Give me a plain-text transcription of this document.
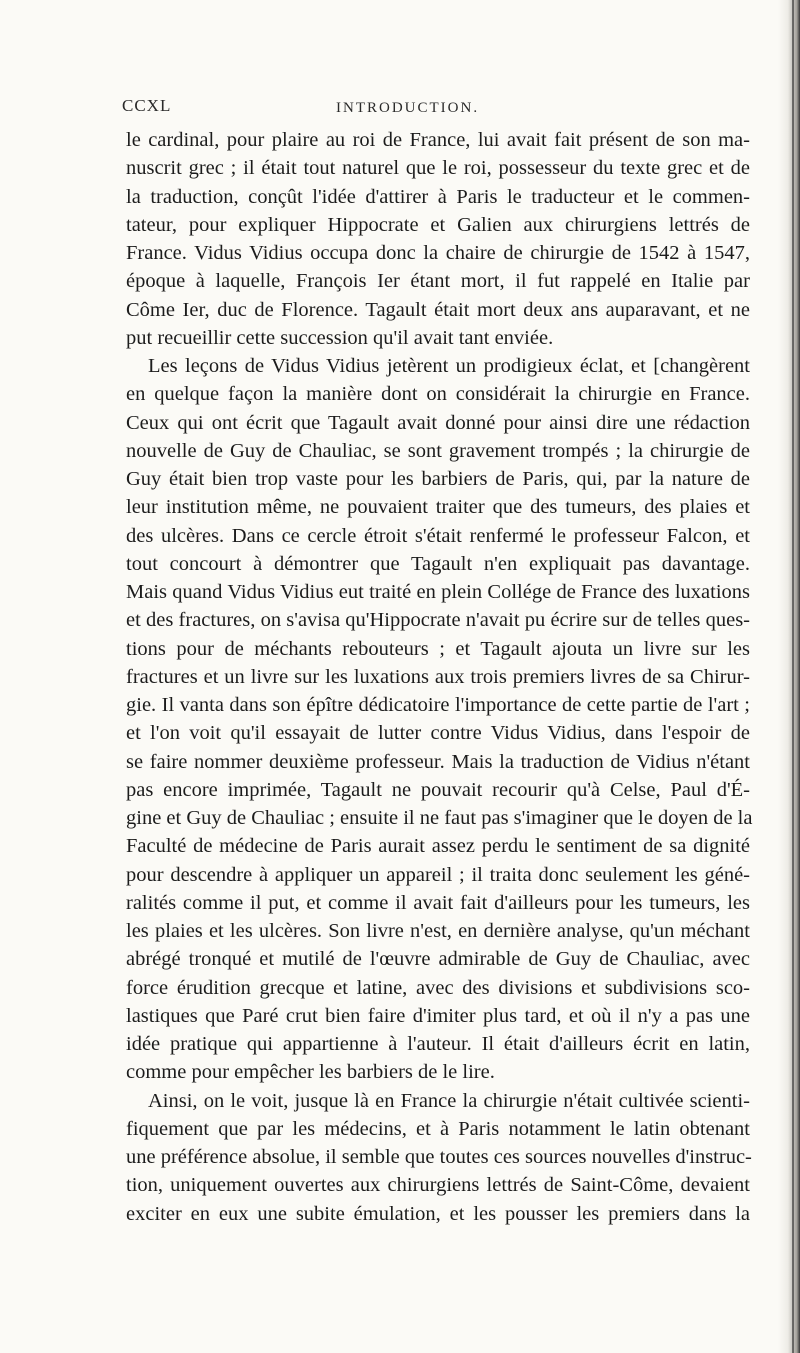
CCXL	INTRODUCTION.
le cardinal, pour plaire au roi de France, lui avait fait présent de son ma-
nuscrit grec ; il était tout naturel que le roi, possesseur du texte grec et de
la traduction, conçût l'idée d'attirer à Paris le traducteur et le commen-
tateur, pour expliquer Hippocrate et Galien aux chirurgiens lettrés de
France. Vidus Vidius occupa donc la chaire de chirurgie de 1542 à 1547,
époque à laquelle, François Ier étant mort, il fut rappelé en Italie par
Côme Ier, duc de Florence. Tagault était mort deux ans auparavant, et ne
put recueillir cette succession qu'il avait tant enviée.
Les leçons de Vidus Vidius jetèrent un prodigieux éclat, et [changèrent
en quelque façon la manière dont on considérait la chirurgie en France.
Ceux qui ont écrit que Tagault avait donné pour ainsi dire une rédaction
nouvelle de Guy de Chauliac, se sont gravement trompés ; la chirurgie de
Guy était bien trop vaste pour les barbiers de Paris, qui, par la nature de
leur institution même, ne pouvaient traiter que des tumeurs, des plaies et
des ulcères. Dans ce cercle étroit s'était renfermé le professeur Falcon, et
tout concourt à démontrer que Tagault n'en expliquait pas davantage.
Mais quand Vidus Vidius eut traité en plein Collége de France des luxations
et des fractures, on s'avisa qu'Hippocrate n'avait pu écrire sur de telles ques-
tions pour de méchants rebouteurs ; et Tagault ajouta un livre sur les
fractures et un livre sur les luxations aux trois premiers livres de sa Chirur-
gie. Il vanta dans son épître dédicatoire l'importance de cette partie de l'art ;
et l'on voit qu'il essayait de lutter contre Vidus Vidius, dans l'espoir de
se faire nommer deuxième professeur. Mais la traduction de Vidius n'étant
pas encore imprimée, Tagault ne pouvait recourir qu'à Celse, Paul d'É-
gine et Guy de Chauliac ; ensuite il ne faut pas s'imaginer que le doyen de la
Faculté de médecine de Paris aurait assez perdu le sentiment de sa dignité
pour descendre à appliquer un appareil ; il traita donc seulement les géné-
ralités comme il put, et comme il avait fait d'ailleurs pour les tumeurs, les
les plaies et les ulcères. Son livre n'est, en dernière analyse, qu'un méchant
abrégé tronqué et mutilé de l'œuvre admirable de Guy de Chauliac, avec
force érudition grecque et latine, avec des divisions et subdivisions sco-
lastiques que Paré crut bien faire d'imiter plus tard, et où il n'y a pas une
idée pratique qui appartienne à l'auteur. Il était d'ailleurs écrit en latin,
comme pour empêcher les barbiers de le lire.
Ainsi, on le voit, jusque là en France la chirurgie n'était cultivée scienti-
fiquement que par les médecins, et à Paris notamment le latin obtenant
une préférence absolue, il semble que toutes ces sources nouvelles d'instruc-
tion, uniquement ouvertes aux chirurgiens lettrés de Saint-Côme, devaient
exciter en eux une subite émulation, et les pousser les premiers dans la
